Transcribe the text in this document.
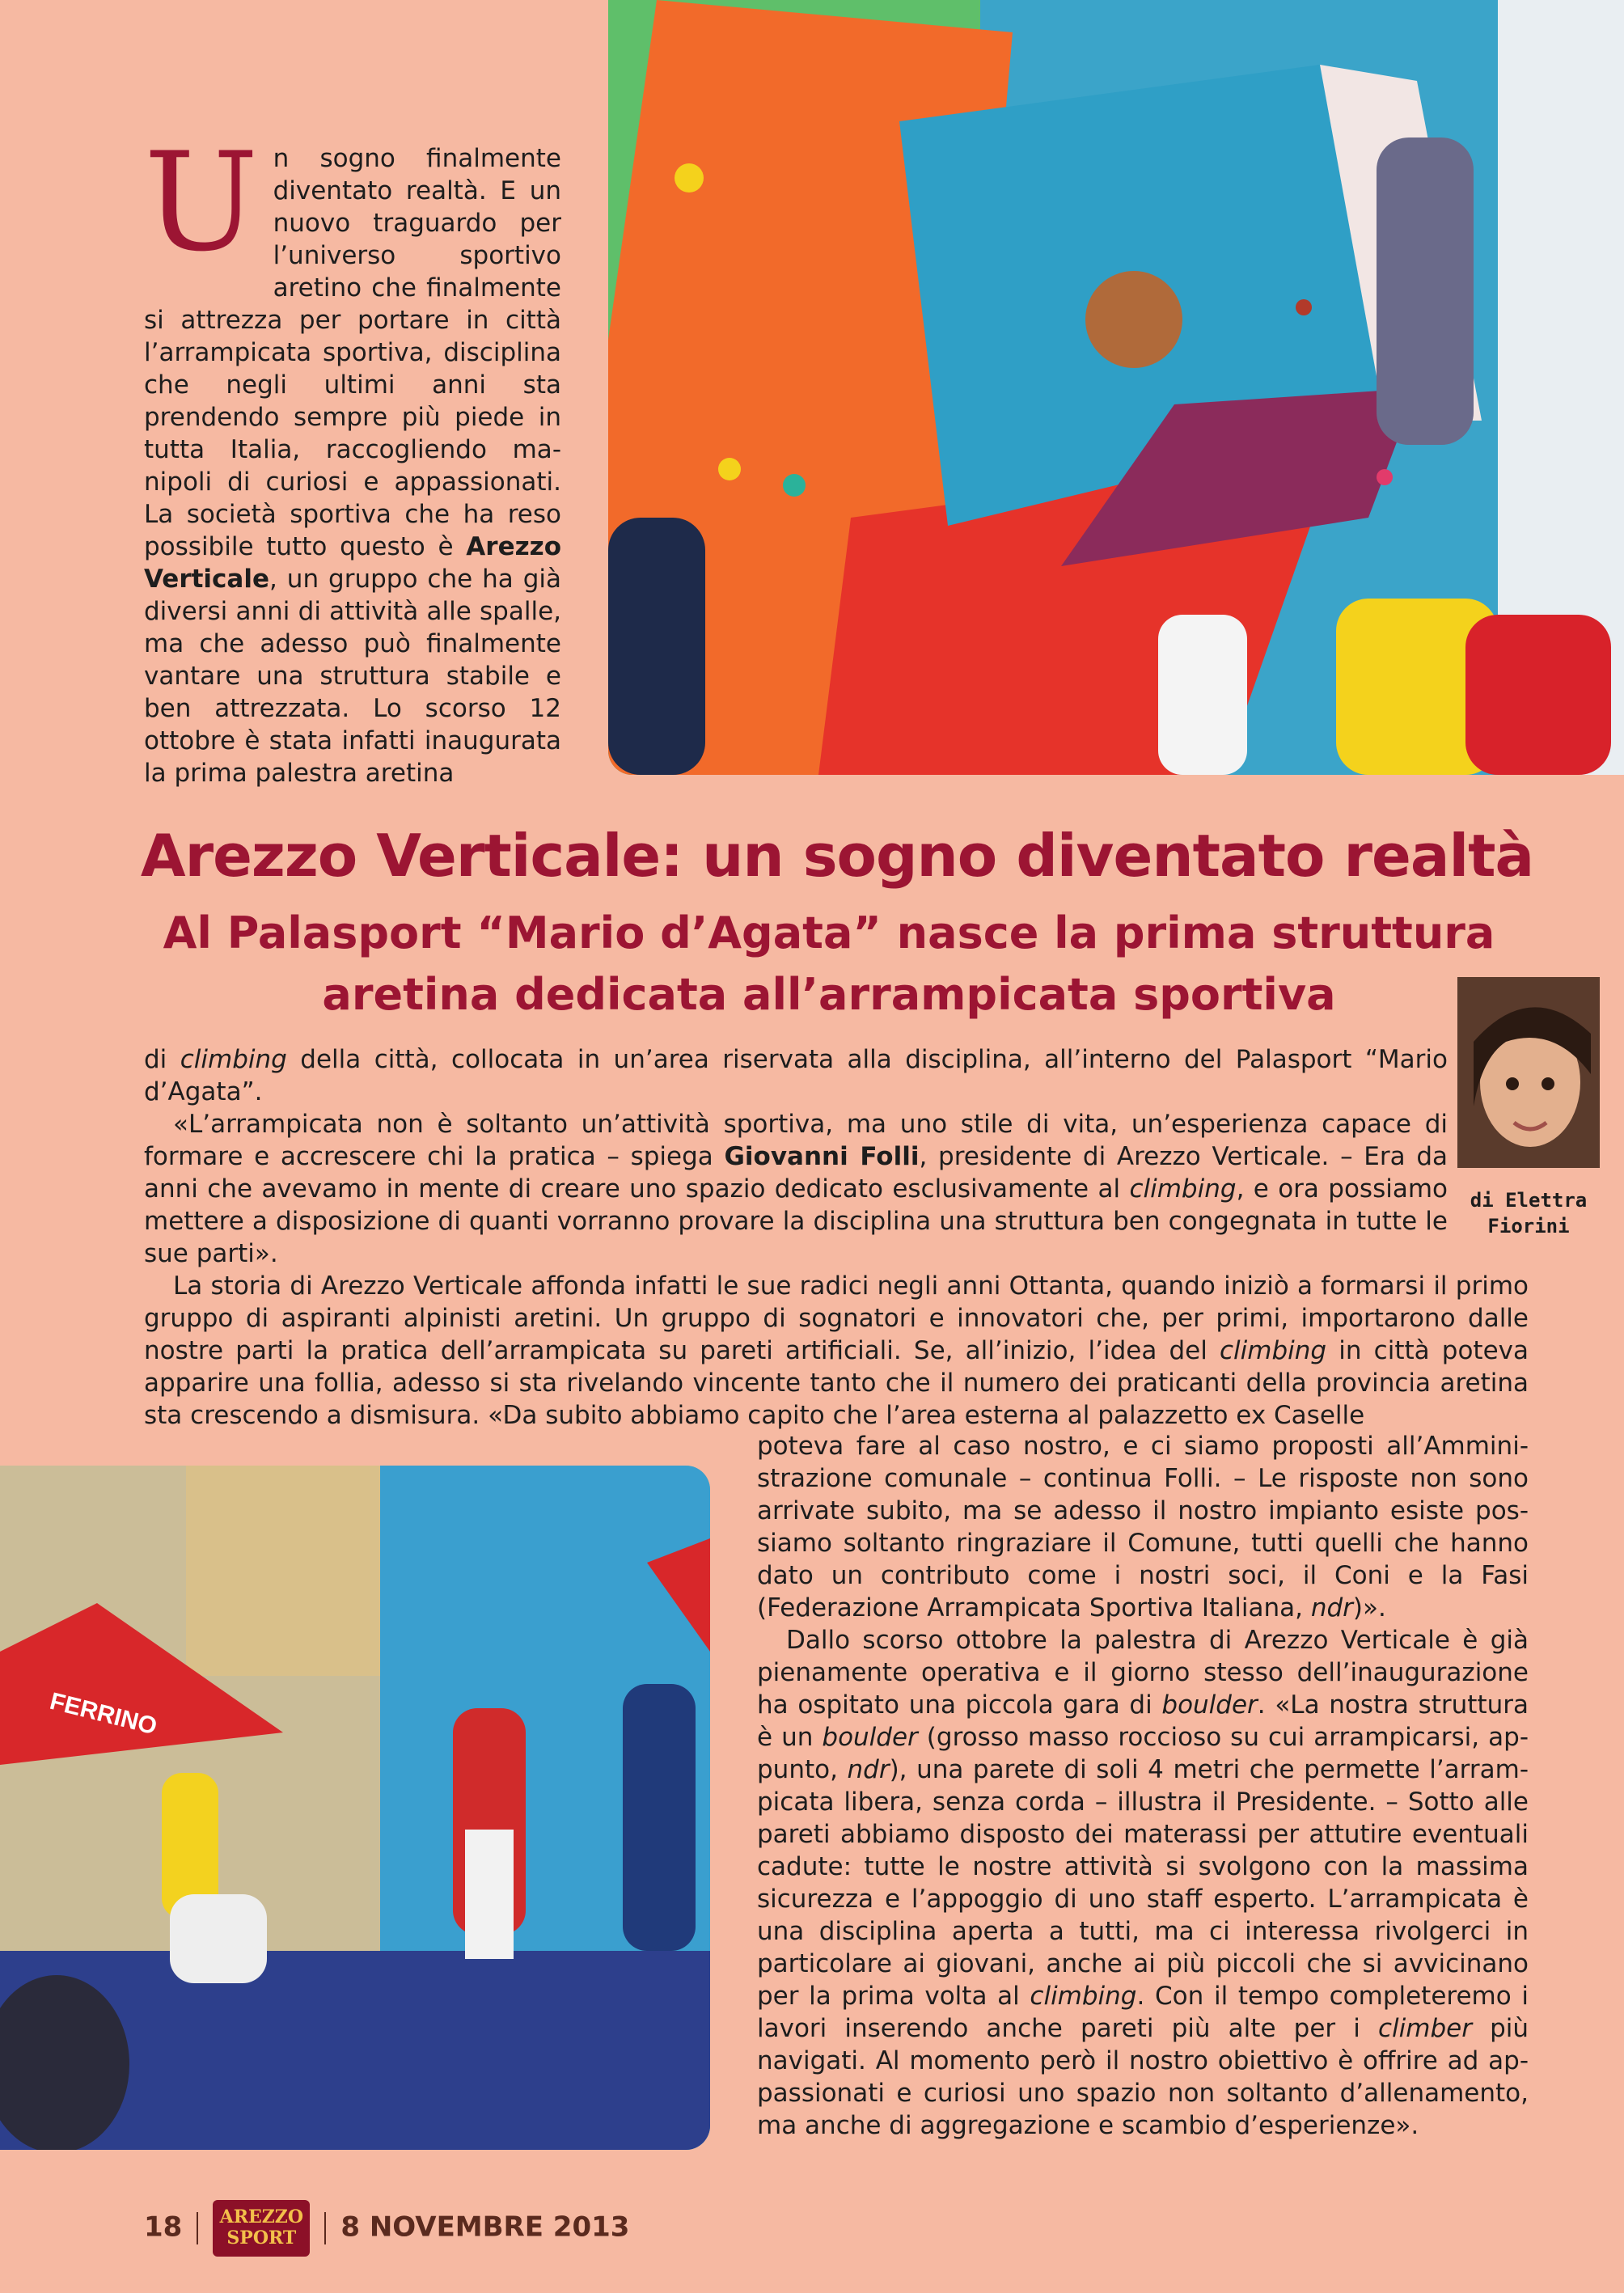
Un sogno finalmente diventato realtà. E un nuovo traguardo per l’universo sportivo aretino che finalmente si attrezza per portare in città l’arrampicata sportiva, disciplina che negli ultimi anni sta prendendo sempre più piede in tutta Italia, raccogliendo manipoli di curiosi e appassionati. La società sportiva che ha reso possibile tutto questo è Arezzo Verticale, un gruppo che ha già diversi anni di attività alle spalle, ma che adesso può finalmente vantare una struttura stabile e ben attrezzata. Lo scorso 12 ottobre è stata infatti inaugurata la prima palestra aretina
Arezzo Verticale: un sogno diventato realtà
Al Palasport “Mario d’Agata” nasce la prima struttura
aretina dedicata all’arrampicata sportiva
di Elettra
Fiorini

di climbing della città, collocata in un’area riservata alla disciplina, all’interno del Palasport “Mario d’Agata”.

«L’arrampicata non è soltanto un’attività sportiva, ma uno stile di vita, un’esperienza capace di formare e accrescere chi la pratica – spiega Giovanni Folli, presidente di Arezzo Verticale. – Era da anni che avevamo in mente di creare uno spazio dedicato esclusivamente al climbing, e ora possiamo mettere a disposizione di quanti vorranno provare la disciplina una struttura ben congegnata in tutte le sue parti».

La storia di Arezzo Verticale affonda infatti le sue radici negli anni Ottanta, quando iniziò a formarsi il primo gruppo di aspiranti alpinisti aretini. Un gruppo di sognatori e innovatori che, per primi, importarono dalle nostre parti la pratica dell’arrampicata su pareti artificiali. Se, all’inizio, l’idea del climbing in città poteva apparire una follia, adesso si sta rivelando vincente tanto che il numero dei praticanti della provincia aretina sta crescendo a dismisura. «Da subito abbiamo capito che l’area esterna al palazzetto ex Caselle

FERRINO

poteva fare al caso nostro, e ci siamo proposti all’Amministrazione comunale – continua Folli. – Le risposte non sono arrivate subito, ma se adesso il nostro impianto esiste possiamo soltanto ringraziare il Comune, tutti quelli che hanno dato un contributo come i nostri soci, il Coni e la Fasi (Federazione Arrampicata Sportiva Italiana, ndr)».

Dallo scorso ottobre la palestra di Arezzo Verticale è già pienamente operativa e il giorno stesso dell’inaugurazione ha ospitato una piccola gara di boulder. «La nostra struttura è un boulder (grosso masso roccioso su cui arrampicarsi, appunto, ndr), una parete di soli 4 metri che permette l’arrampicata libera, senza corda – illustra il Presidente. – Sotto alle pareti abbiamo disposto dei materassi per attutire eventuali cadute: tutte le nostre attività si svolgono con la massima sicurezza e l’appoggio di uno staff esperto. L’arrampicata è una disciplina aperta a tutti, ma ci interessa rivolgerci in particolare ai giovani, anche ai più piccoli che si avvicinano per la prima volta al climbing. Con il tempo completeremo i lavori inserendo anche pareti più alte per i climber più navigati. Al momento però il nostro obiettivo è offrire ad appassionati e curiosi uno spazio non soltanto d’allenamento, ma anche di aggregazione e scambio d’esperienze».

18 AREZZO
SPORT 8 NOVEMBRE 2013
